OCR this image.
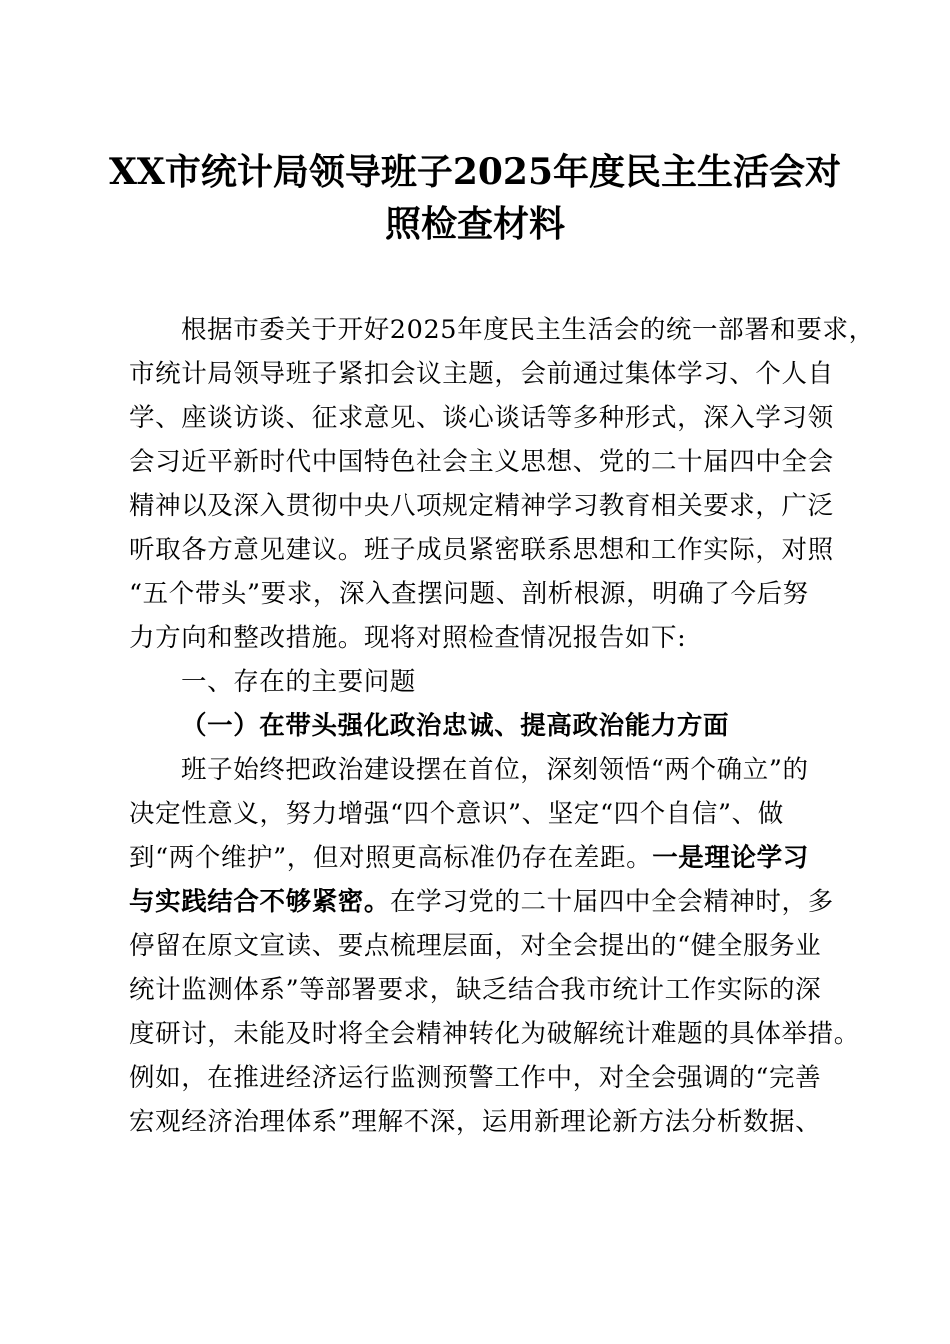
XX市统计局领导班子2025年度民主生活会对
照检查材料
根据市委关于开好2025年度民主生活会的统一部署和要求，
市统计局领导班子紧扣会议主题，会前通过集体学习、个人自
学、座谈访谈、征求意见、谈心谈话等多种形式，深入学习领
会习近平新时代中国特色社会主义思想、党的二十届四中全会
精神以及深入贯彻中央八项规定精神学习教育相关要求，广泛
听取各方意见建议。班子成员紧密联系思想和工作实际，对照
“五个带头”要求，深入查摆问题、剖析根源，明确了今后努
力方向和整改措施。现将对照检查情况报告如下:
一、存在的主要问题
（一）在带头强化政治忠诚、提高政治能力方面
班子始终把政治建设摆在首位，深刻领悟“两个确立”的
决定性意义，努力增强“四个意识”、坚定“四个自信”、做
到“两个维护”，但对照更高标准仍存在差距。一是理论学习
与实践结合不够紧密。在学习党的二十届四中全会精神时，多
停留在原文宣读、要点梳理层面，对全会提出的“健全服务业
统计监测体系”等部署要求，缺乏结合我市统计工作实际的深
度研讨，未能及时将全会精神转化为破解统计难题的具体举措。
例如，在推进经济运行监测预警工作中，对全会强调的“完善
宏观经济治理体系”理解不深，运用新理论新方法分析数据、
